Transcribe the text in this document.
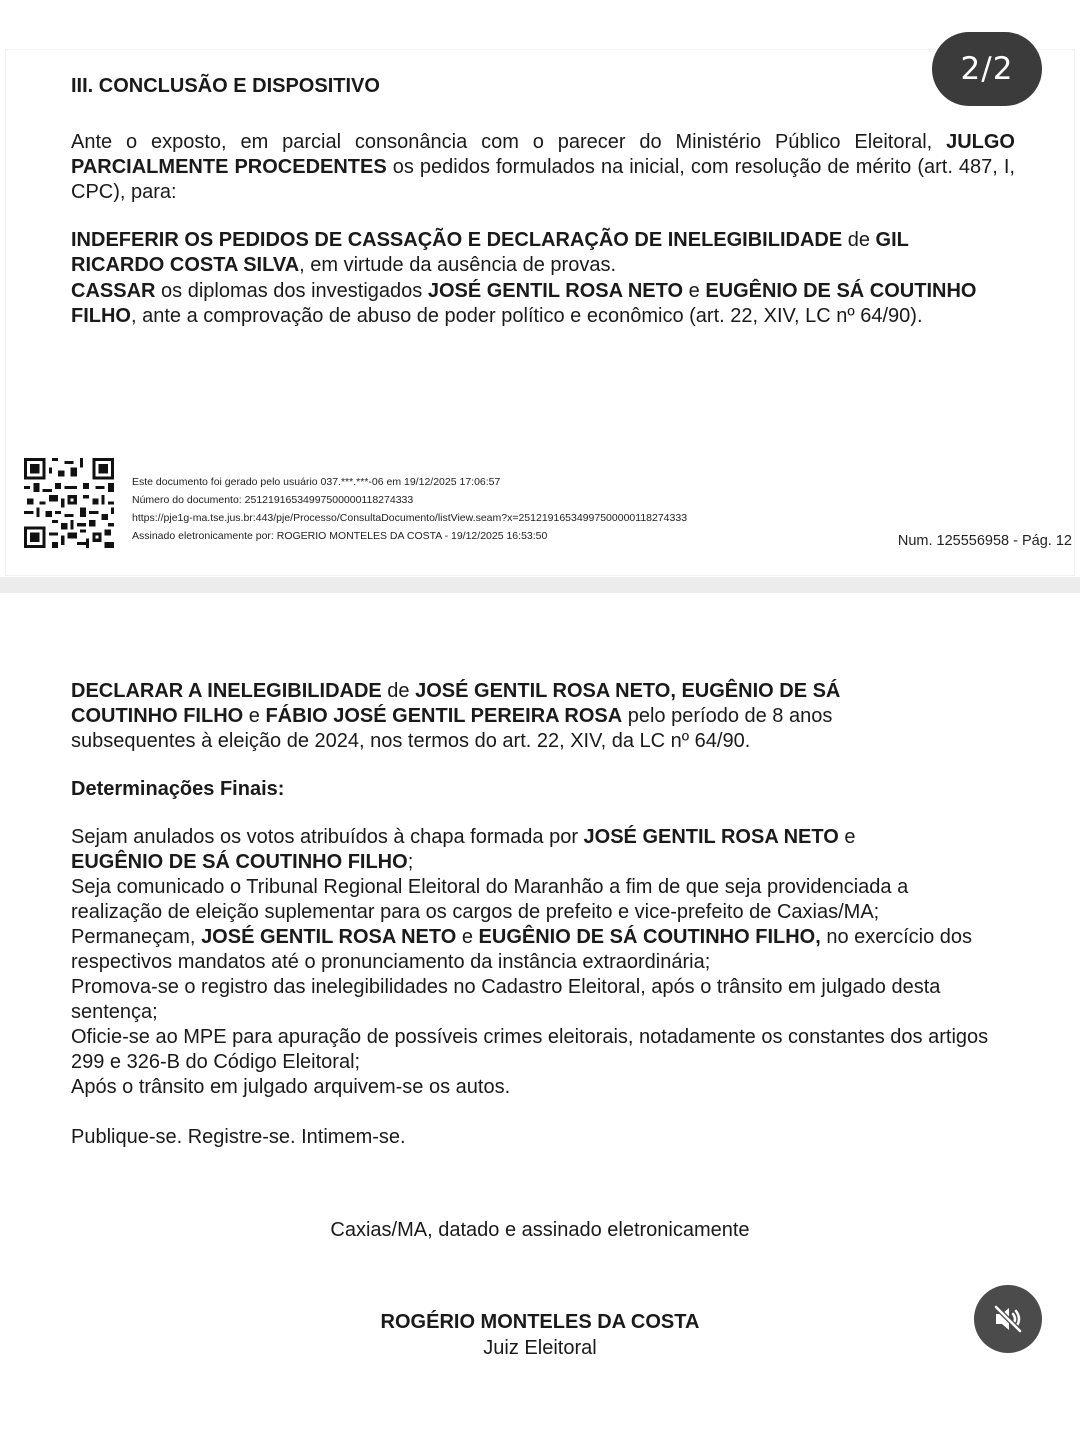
III. CONCLUSÃO E DISPOSITIVO

Ante o exposto, em parcial consonância com o parecer do Ministério Público Eleitoral, JULGO PARCIALMENTE PROCEDENTES os pedidos formulados na inicial, com resolução de mérito (art. 487, I, CPC), para:

INDEFERIR OS PEDIDOS DE CASSAÇÃO E DECLARAÇÃO DE INELEGIBILIDADE de GIL RICARDO COSTA SILVA, em virtude da ausência de provas.

CASSAR os diplomas dos investigados JOSÉ GENTIL ROSA NETO e EUGÊNIO DE SÁ COUTINHO FILHO, ante a comprovação de abuso de poder político e econômico (art. 22, XIV, LC nº 64/90).

Este documento foi gerado pelo usuário 037.***.***-06 em 19/12/2025 17:06:57
Número do documento: 25121916534997500000118274333
https://pje1g-ma.tse.jus.br:443/pje/Processo/ConsultaDocumento/listView.seam?x=25121916534997500000118274333
Assinado eletronicamente por: ROGERIO MONTELES DA COSTA - 19/12/2025 16:53:50	Num. 125556958 - Pág. 12

DECLARAR A INELEGIBILIDADE de JOSÉ GENTIL ROSA NETO, EUGÊNIO DE SÁ COUTINHO FILHO e FÁBIO JOSÉ GENTIL PEREIRA ROSA pelo período de 8 anos subsequentes à eleição de 2024, nos termos do art. 22, XIV, da LC nº 64/90.

Determinações Finais:
Sejam anulados os votos atribuídos à chapa formada por JOSÉ GENTIL ROSA NETO e EUGÊNIO DE SÁ COUTINHO FILHO;
Seja comunicado o Tribunal Regional Eleitoral do Maranhão a fim de que seja providenciada a realização de eleição suplementar para os cargos de prefeito e vice-prefeito de Caxias/MA;
Permaneçam, JOSÉ GENTIL ROSA NETO e EUGÊNIO DE SÁ COUTINHO FILHO, no exercício dos respectivos mandatos até o pronunciamento da instância extraordinária;
Promova-se o registro das inelegibilidades no Cadastro Eleitoral, após o trânsito em julgado desta sentença;
Oficie-se ao MPE para apuração de possíveis crimes eleitorais, notadamente os constantes dos artigos 299 e 326-B do Código Eleitoral;
Após o trânsito em julgado arquivem-se os autos.
Publique-se. Registre-se. Intimem-se.
Caxias/MA, datado e assinado eletronicamente
ROGÉRIO MONTELES DA COSTA
Juiz Eleitoral
2/2
